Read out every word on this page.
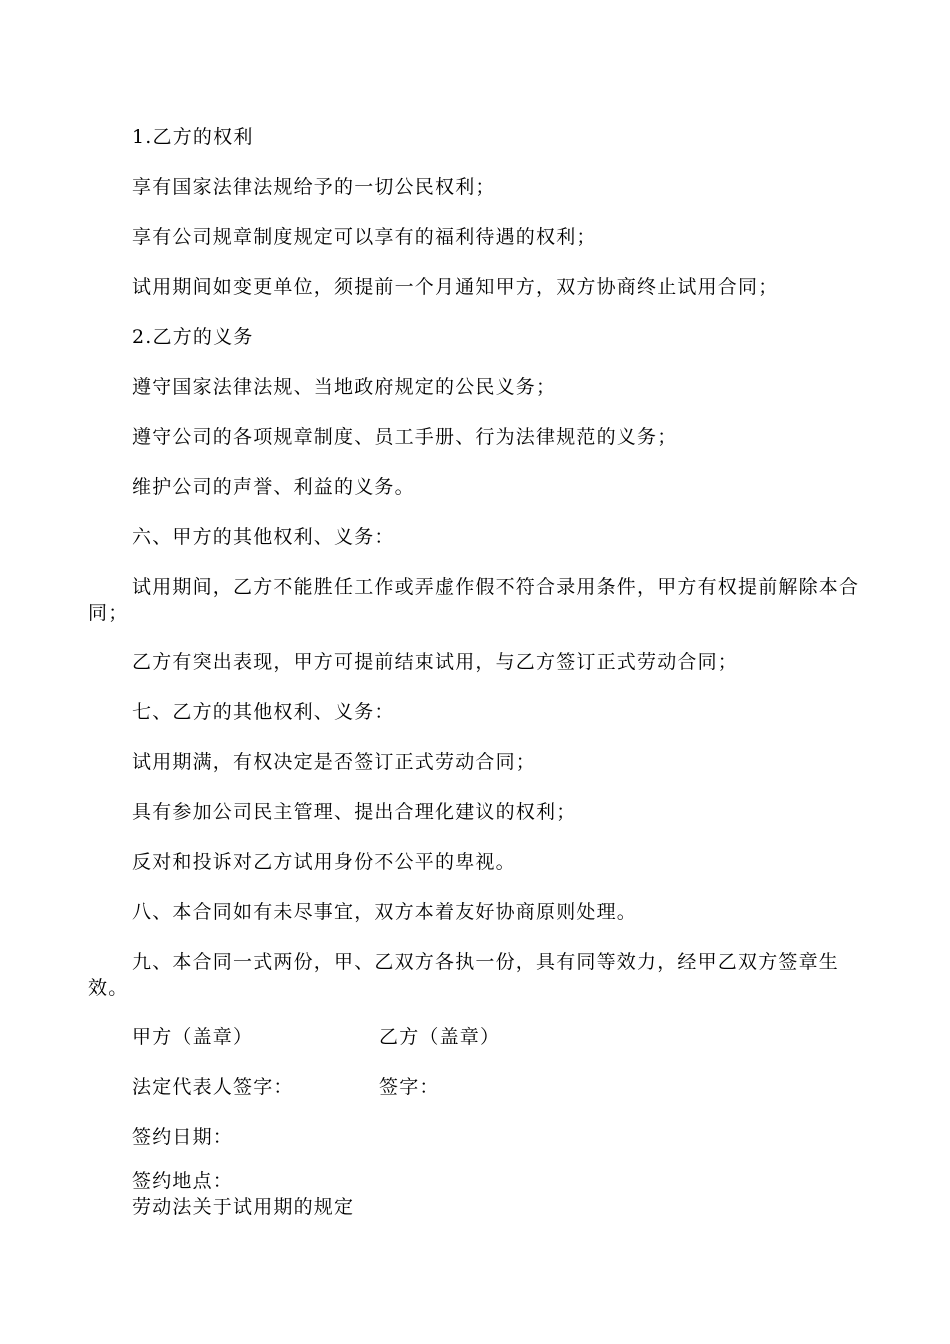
1.乙方的权利
享有国家法律法规给予的一切公民权利；
享有公司规章制度规定可以享有的福利待遇的权利；
试用期间如变更单位，须提前一个月通知甲方，双方协商终止试用合同；
2.乙方的义务
遵守国家法律法规、当地政府规定的公民义务；
遵守公司的各项规章制度、员工手册、行为法律规范的义务；
维护公司的声誉、利益的义务。
六、甲方的其他权利、义务：
试用期间，乙方不能胜任工作或弄虚作假不符合录用条件，甲方有权提前解除本合同；
乙方有突出表现，甲方可提前结束试用，与乙方签订正式劳动合同；
七、乙方的其他权利、义务：
试用期满，有权决定是否签订正式劳动合同；
具有参加公司民主管理、提出合理化建议的权利；
反对和投诉对乙方试用身份不公平的卑视。
八、本合同如有未尽事宜，双方本着友好协商原则处理。
九、本合同一式两份，甲、乙双方各执一份，具有同等效力，经甲乙双方签章生效。
甲方（盖章）	乙方（盖章）
法定代表人签字：	签字：
签约日期：
签约地点：
劳动法关于试用期的规定
